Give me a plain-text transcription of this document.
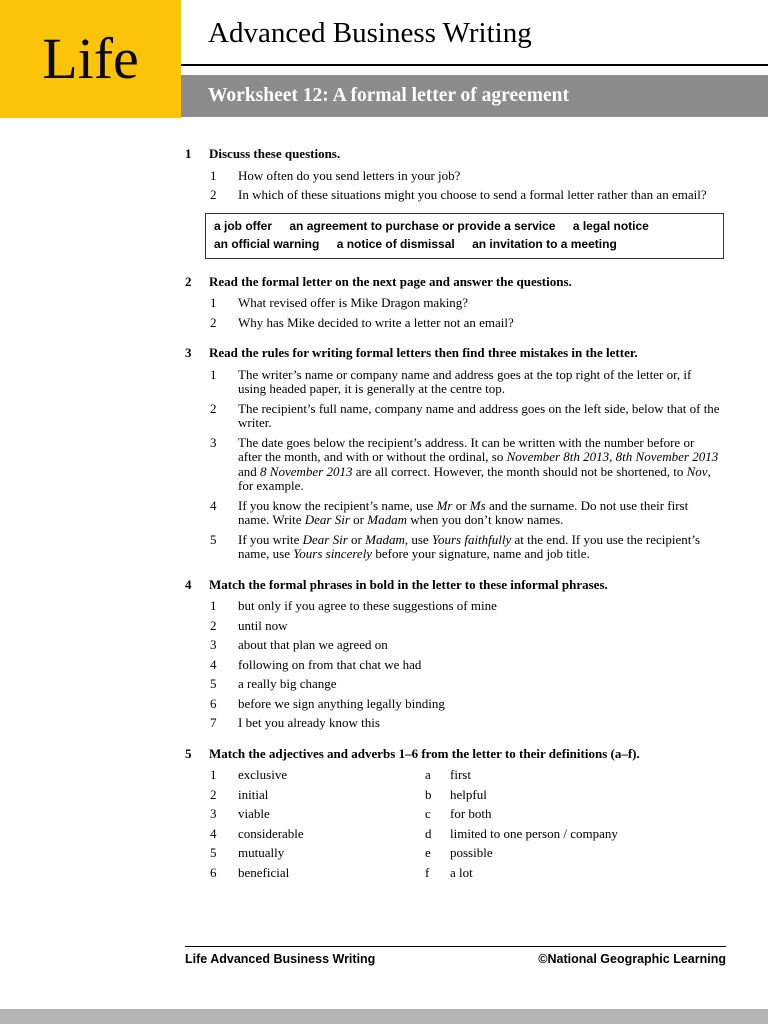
Life	Advanced Business Writing
Worksheet 12: A formal letter of agreement
1	Discuss these questions.
1	How often do you send letters in your job?
2	In which of these situations might you choose to send a formal letter rather than an email?
a job offer an agreement to purchase or provide a service a legal notice
an official warning a notice of dismissal an invitation to a meeting
2	Read the formal letter on the next page and answer the questions.
1	What revised offer is Mike Dragon making?
2	Why has Mike decided to write a letter not an email?
3	Read the rules for writing formal letters then find three mistakes in the letter.
1	The writer’s name or company name and address goes at the top right of the letter or, if using headed paper, it is generally at the centre top.
2	The recipient’s full name, company name and address goes on the left side, below that of the writer.
3	The date goes below the recipient’s address. It can be written with the number before or after the month, and with or without the ordinal, so November 8th 2013, 8th November 2013 and 8 November 2013 are all correct. However, the month should not be shortened, to Nov, for example.
4	If you know the recipient’s name, use Mr or Ms and the surname. Do not use their first name. Write Dear Sir or Madam when you don’t know names.
5	If you write Dear Sir or Madam, use Yours faithfully at the end. If you use the recipient’s name, use Yours sincerely before your signature, name and job title.
4	Match the formal phrases in bold in the letter to these informal phrases.
1	but only if you agree to these suggestions of mine
2	until now
3	about that plan we agreed on
4	following on from that chat we had
5	a really big change
6	before we sign anything legally binding
7	I bet you already know this
5	Match the adjectives and adverbs 1–6 from the letter to their definitions (a–f).
1	exclusive	a	first
2	initial	b	helpful
3	viable	c	for both
4	considerable	d	limited to one person / company
5	mutually	e	possible
6	beneficial	f	a lot
Life Advanced Business Writing	©National Geographic Learning
